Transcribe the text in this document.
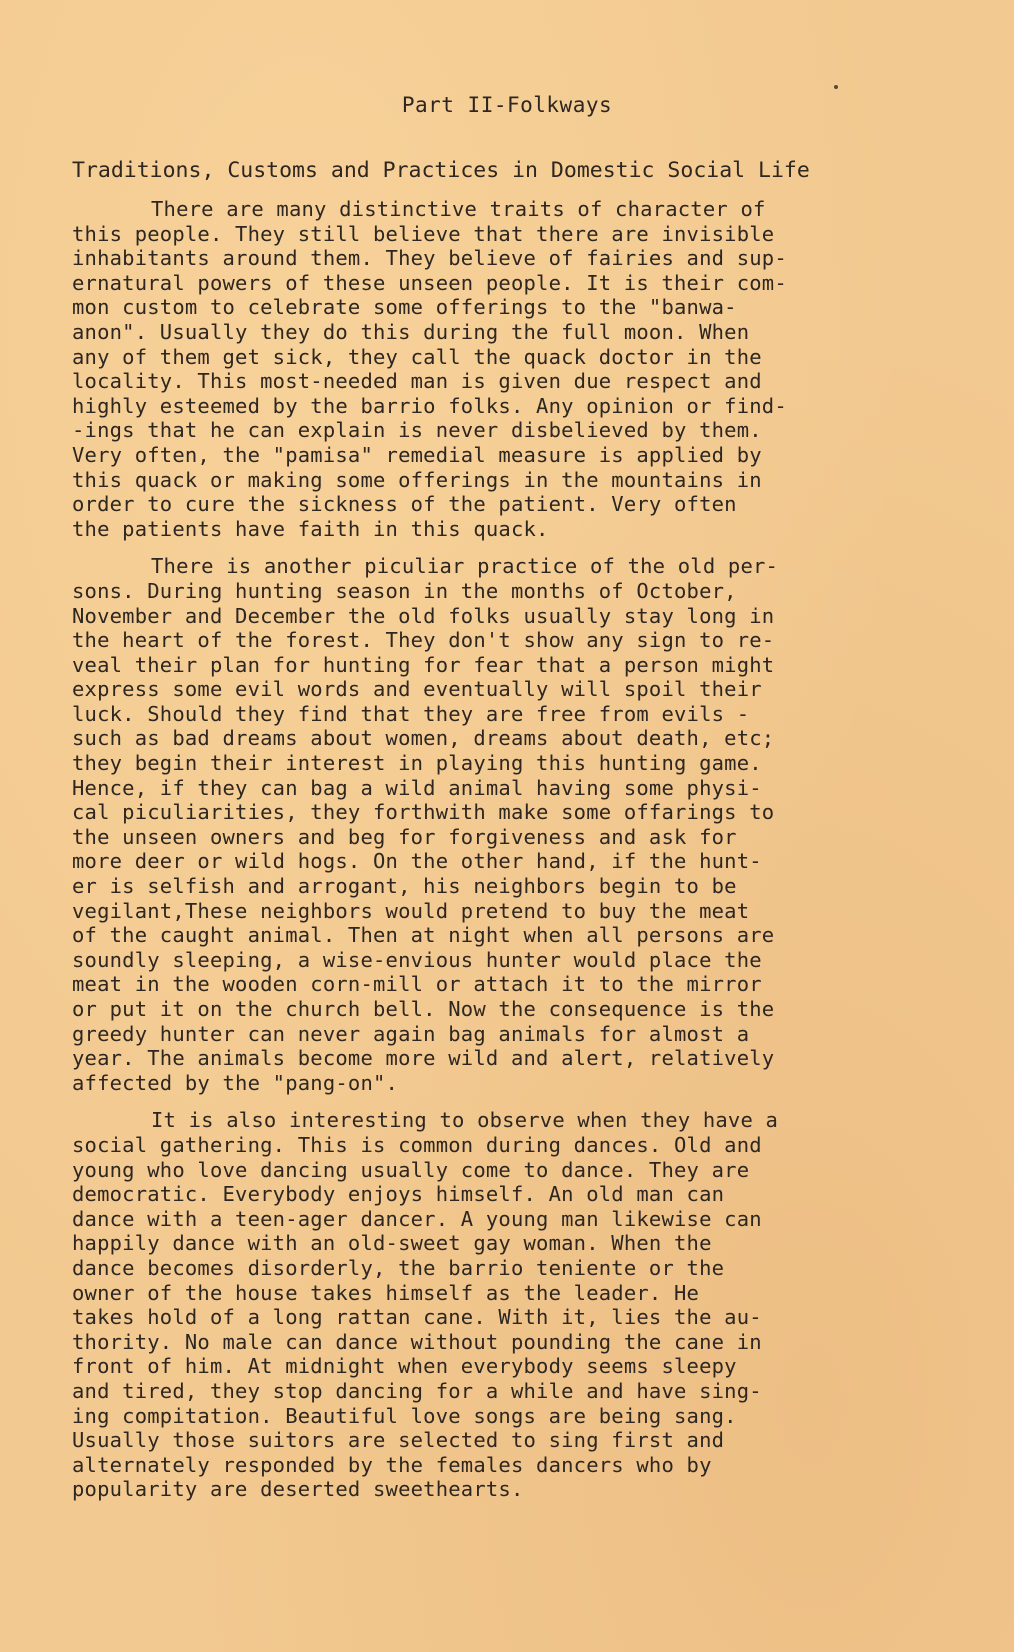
Part II-Folkways
Traditions, Customs and Practices in Domestic Social Life
There are many distinctive traits of character of
this people. They still believe that there are invisible
inhabitants around them. They believe of fairies and sup-
ernatural powers of these unseen people. It is their com-
mon custom to celebrate some offerings to the "banwa-
anon". Usually they do this during the full moon. When
any of them get sick, they call the quack doctor in the
locality. This most-needed man is given due respect and
highly esteemed by the barrio folks. Any opinion or find-
-ings that he can explain is never disbelieved by them.
Very often, the "pamisa" remedial measure is applied by
this quack or making some offerings in the mountains in
order to cure the sickness of the patient. Very often
the patients have faith in this quack.
There is another piculiar practice of the old per-
sons. During hunting season in the months of October,
November and December the old folks usually stay long in
the heart of the forest. They don't show any sign to re-
veal their plan for hunting for fear that a person might
express some evil words and eventually will spoil their
luck. Should they find that they are free from evils -
such as bad dreams about women, dreams about death, etc;
they begin their interest in playing this hunting game.
Hence, if they can bag a wild animal having some physi-
cal piculiarities, they forthwith make some offarings to
the unseen owners and beg for forgiveness and ask for
more deer or wild hogs. On the other hand, if the hunt-
er is selfish and arrogant, his neighbors begin to be
vegilant,These neighbors would pretend to buy the meat
of the caught animal. Then at night when all persons are
soundly sleeping, a wise-envious hunter would place the
meat in the wooden corn-mill or attach it to the mirror
or put it on the church bell. Now the consequence is the
greedy hunter can never again bag animals for almost a
year. The animals become more wild and alert, relatively
affected by the "pang-on".
It is also interesting to observe when they have a
social gathering. This is common during dances. Old and
young who love dancing usually come to dance. They are
democratic. Everybody enjoys himself. An old man can
dance with a teen-ager dancer. A young man likewise can
happily dance with an old-sweet gay woman. When the
dance becomes disorderly, the barrio teniente or the
owner of the house takes himself as the leader. He
takes hold of a long rattan cane. With it, lies the au-
thority. No male can dance without pounding the cane in
front of him. At midnight when everybody seems sleepy
and tired, they stop dancing for a while and have sing-
ing compitation. Beautiful love songs are being sang.
Usually those suitors are selected to sing first and
alternately responded by the females dancers who by
popularity are deserted sweethearts.
